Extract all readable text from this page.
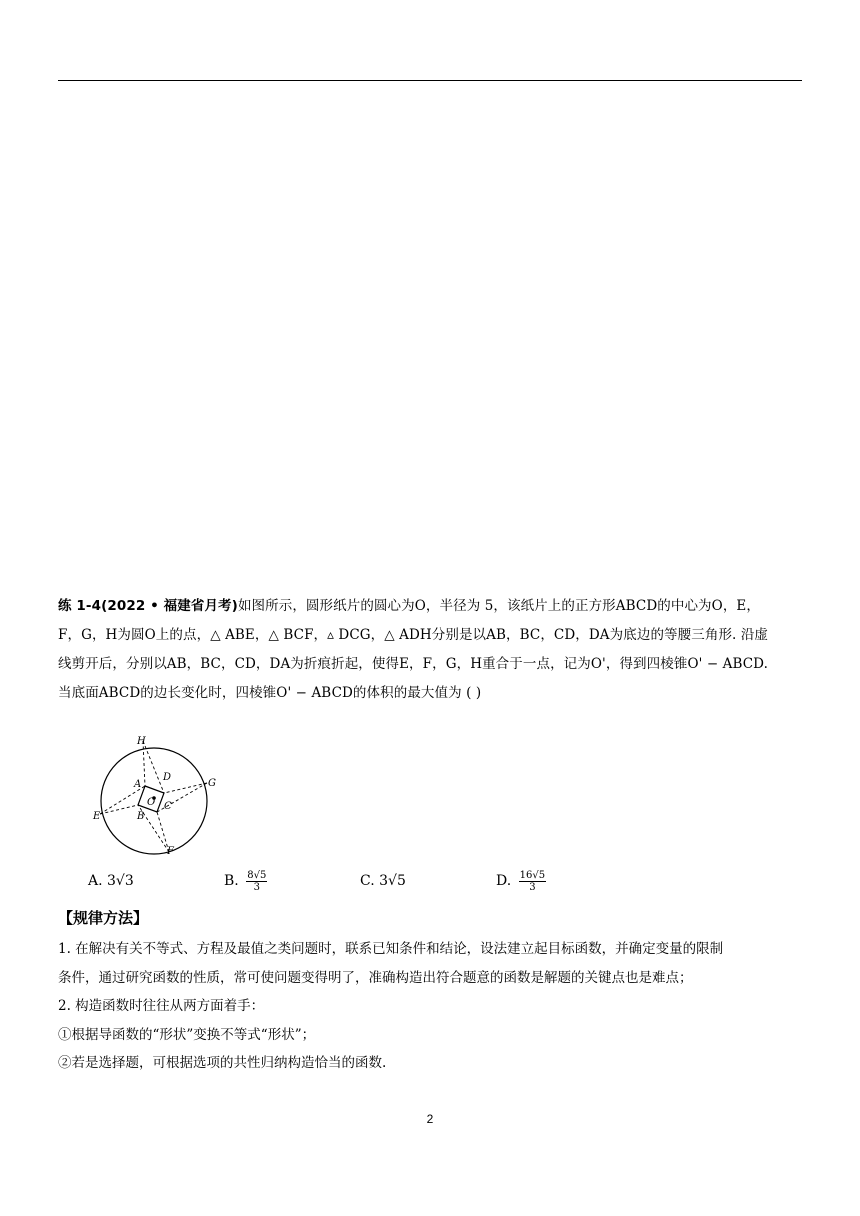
练 1-4(2022 • 福建省月考)如图所示，圆形纸片的圆心为O，半径为 5，该纸片上的正方形ABCD的中心为O，E，
F，G，H为圆O上的点，△ ABE，△ BCF，▵ DCG，△ ADH分别是以AB，BC，CD，DA为底边的等腰三角形. 沿虚
线剪开后，分别以AB，BC，CD，DA为折痕折起，使得E，F，G，H重合于一点，记为O'，得到四棱锥O' − ABCD.
当底面ABCD的边长变化时，四棱锥O' − ABCD的体积的最大值为 ( )
H
G
E
F
A
D
C
B
O
A. 3√3	B. $\frac{8√5}{3}$	C. 3√5	D. $\frac{16√5}{3}$
【规律方法】
1. 在解决有关不等式、方程及最值之类问题时，联系已知条件和结论，设法建立起目标函数，并确定变量的限制
条件，通过研究函数的性质，常可使问题变得明了，准确构造出符合题意的函数是解题的关键点也是难点；
2. 构造函数时往往从两方面着手：
①根据导函数的“形状”变换不等式“形状”；
②若是选择题，可根据选项的共性归纳构造恰当的函数.
2
